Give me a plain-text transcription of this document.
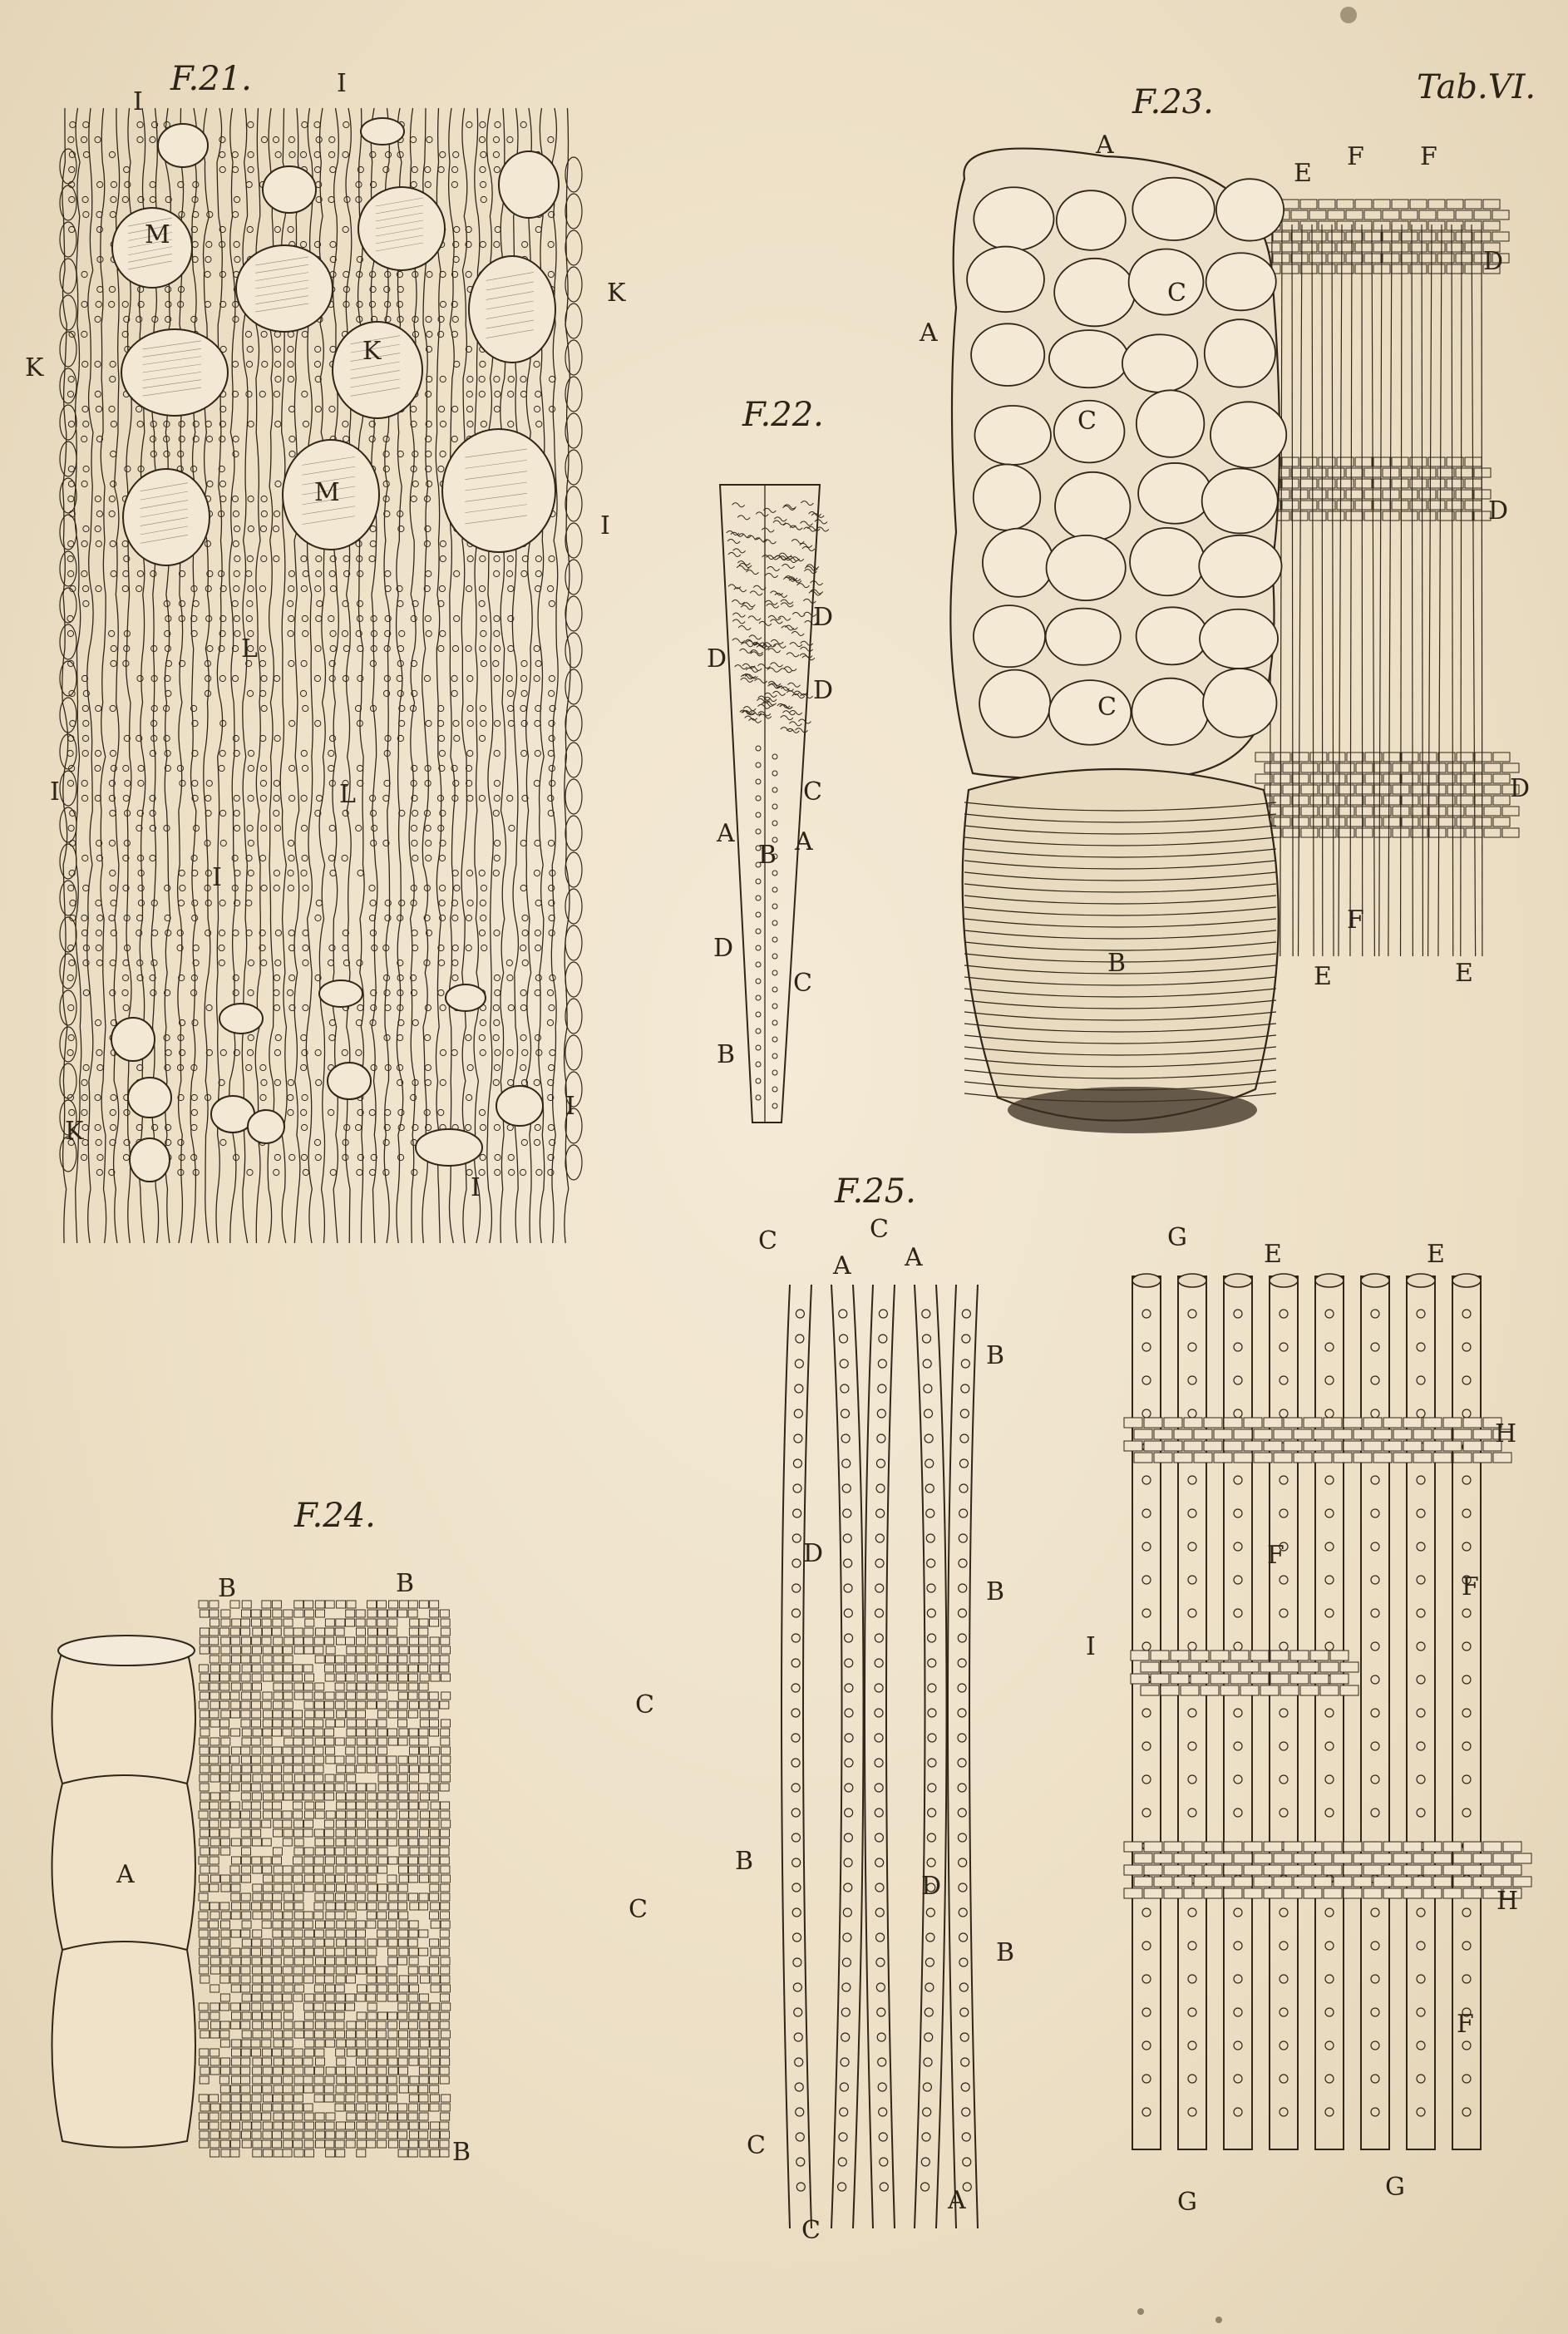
Tab.VI.
F.21.
I
I
K
K
M
K
M
I
I
I
K
I
L
L
I
F.22.
D
D
D
C
A
B A
D
C
B
F.23.
A
A
C
C
C
E
F F
D
D
D
B
F
E	E
F.24.
B	B
C
C
A
B
F.25.
C	C
A A
B
D
B
B
D
B
C
C
A
G
E	E
H
F
F
I
H
F
G
G
